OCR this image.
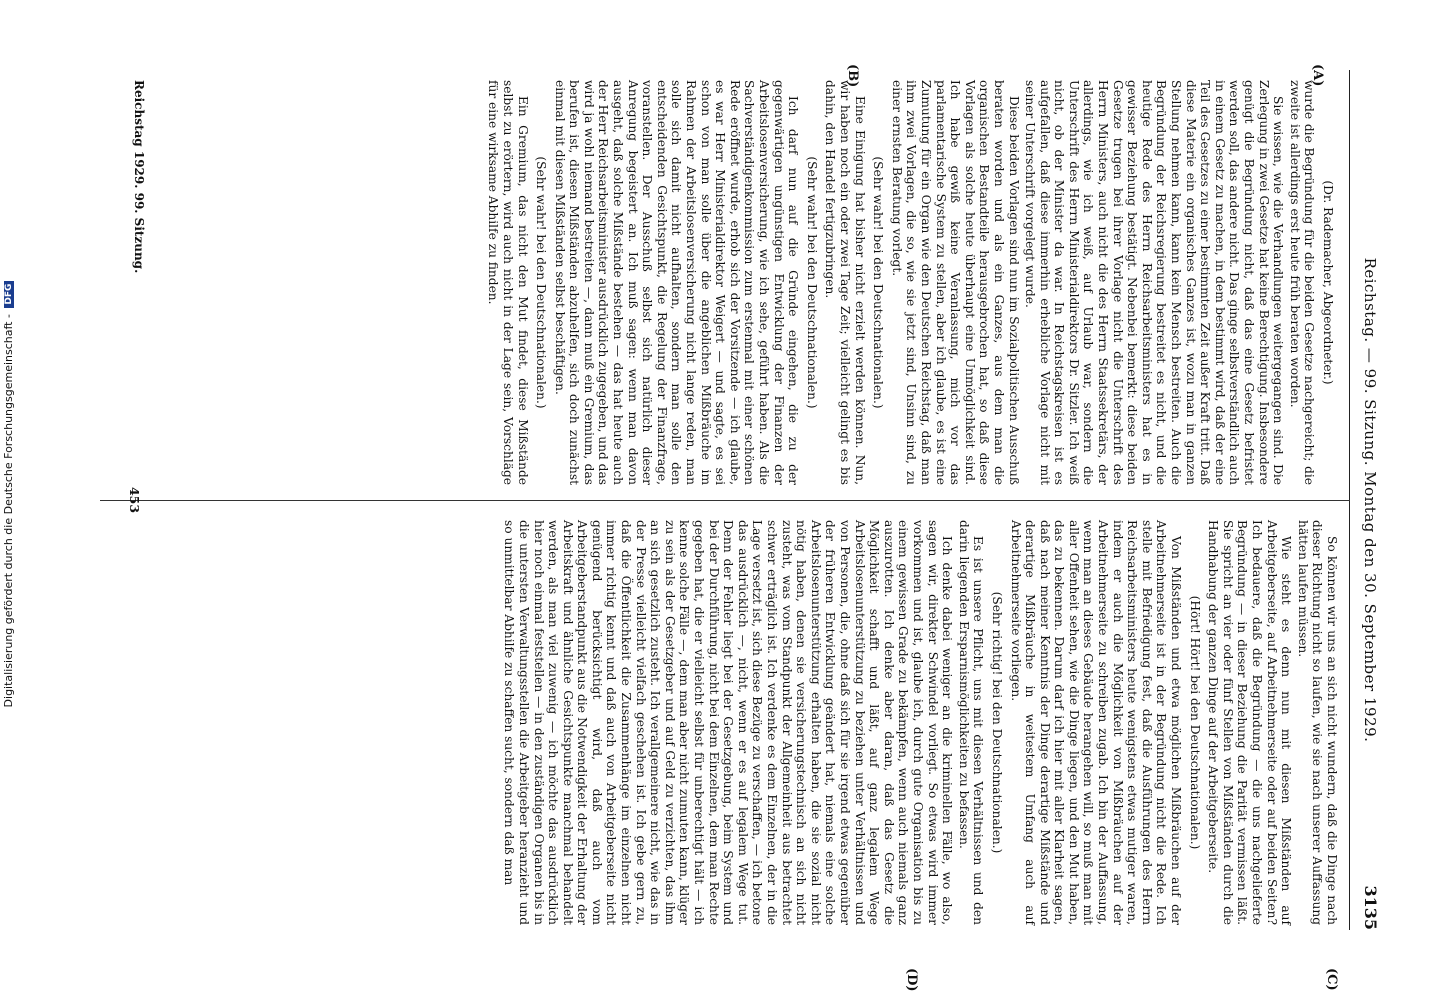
Reichstag. — 99. Sitzung. Montag den 30. September 1929.
3135
(A)
(B)
(C)
(D)

(Dr. Rademacher, Abgeordneter.)

wurde die Begründung für die beiden Gesetze nachgereicht; die zweite ist allerdings erst heute früh beraten worden.

Sie wissen, wie die Verhandlungen weitergegangen sind. Die Zerlegung in zwei Gesetze hat keine Berechtigung. Insbesondere genügt die Begründung nicht, daß das eine Gesetz befristet werden soll, das andere nicht. Das ginge selbstverständlich auch in einem Gesetz zu machen, in dem bestimmt wird, daß der eine Teil des Gesetzes zu einer bestimmten Zeit außer Kraft tritt. Daß diese Materie ein organisches Ganzes ist, wozu man in ganzen Stellung nehmen kann, kann kein Mensch bestreiten. Auch die Begründung der Reichsregierung bestreitet es nicht, und die heutige Rede des Herrn Reichsarbeitsministers hat es in gewisser Beziehung bestätigt. Nebenbei bemerkt: diese beiden Gesetze trugen bei ihrer Vorlage nicht die Unterschrift des Herrn Ministers, auch nicht die des Herrn Staatssekretärs, der allerdings, wie ich weiß, auf Urlaub war, sondern die Unterschrift des Herrn Ministerialdirektors Dr. Sitzler. Ich weiß nicht, ob der Minister da war. In Reichstagskreisen ist es aufgefallen, daß diese immerhin erhebliche Vorlage nicht mit seiner Unterschrift vorgelegt wurde.

Diese beiden Vorlagen sind nun im Sozialpolitischen Ausschuß beraten worden und als ein Ganzes, aus dem man die organischen Bestandteile herausgebrochen hat, so daß diese Vorlagen als solche heute überhaupt eine Unmöglichkeit sind. Ich habe gewiß keine Veranlassung, mich vor das parlamentarische System zu stellen, aber ich glaube, es ist eine Zumutung für ein Organ wie den Deutschen Reichstag, daß man ihm zwei Vorlagen, die so, wie sie jetzt sind, Unsinn sind, zu einer ernsten Beratung vorlegt.

(Sehr wahr! bei den Deutschnationalen.)

Eine Einigung hat bisher nicht erzielt werden können. Nun, wir haben noch ein oder zwei Tage Zeit; vielleicht gelingt es bis dahin, den Handel fertigzubringen.

(Sehr wahr! bei den Deutschnationalen.)

Ich darf nun auf die Gründe eingehen, die zu der gegenwärtigen ungünstigen Entwicklung der Finanzen der Arbeitslosenversicherung, wie ich sehe, geführt haben. Als die Sachverständigenkommission zum erstenmal mit einer schönen Rede eröffnet wurde, erhob sich der Vorsitzende — ich glaube, es war Herr Ministerialdirektor Weigert — und sagte, es sei schon von man solle über die angeblichen Mißbräuche im Rahmen der Arbeitslosenversicherung nicht lange reden, man solle sich damit nicht aufhalten, sondern man solle den entscheidenden Gesichtspunkt, die Regelung der Finanzfrage, voranstellen. Der Ausschuß selbst sich natürlich dieser Anregung begeistert an. Ich muß sagen: wenn man davon ausgeht, daß solche Mißstände bestehen — das hat heute auch der Herr Reichsarbeitsminister ausdrücklich zugegeben, und das wird ja wohl niemand bestreiten —, dann muß ein Gremium, das berufen ist, diesen Mißständen abzuhelfen, sich doch zunächst einmal mit diesen Mißständen selbst beschäftigen.

(Sehr wahr! bei den Deutschnationalen.)

Ein Gremium, das nicht den Mut findet, diese Mißstände selbst zu erörtern, wird auch nicht in der Lage sein, Vorschläge für eine wirksame Abhilfe zu finden.

So können wir uns an sich nicht wundern, daß die Dinge nach dieser Richtung nicht so laufen, wie sie nach unserer Auffassung hätten laufen müssen.

Wie steht es denn nun mit diesen Mißständen auf Arbeitgeberseite, auf Arbeitnehmerseite oder auf beiden Seiten? Ich bedauere, daß die Begründung — die uns nachgelieferte Begründung — in dieser Beziehung die Parität vermissen läßt. Sie spricht an vier oder fünf Stellen von Mißständen durch die Handhabung der ganzen Dinge auf der Arbeitgeberseite.

(Hört! Hört! bei den Deutschnationalen.)

Von Mißständen und etwa möglichen Mißbräuchen auf der Arbeitnehmerseite ist in der Begründung nicht die Rede. Ich stelle mit Befriedigung fest, daß die Ausführungen des Herrn Reichsarbeitsministers heute wenigstens etwas mutiger waren, indem er auch die Möglichkeit von Mißbräuchen auf der Arbeitnehmerseite zu schreiben zugab. Ich bin der Auffassung, wenn man an dieses Gebäude herangehen will, so muß man mit aller Offenheit sehen, wie die Dinge liegen, und den Mut haben, das zu bekennen. Darum darf ich hier mit aller Klarheit sagen, daß nach meiner Kenntnis der Dinge derartige Mißstände und derartige Mißbräuche in weitestem Umfang auch auf Arbeitnehmerseite vorliegen.

(Sehr richtig! bei den Deutschnationalen.)

Es ist unsere Pflicht, uns mit diesen Verhältnissen und den darin liegenden Ersparnismöglichkeiten zu befassen.

Ich denke dabei weniger an die kriminellen Fälle, wo also, sagen wir, direkter Schwindel vorliegt. So etwas wird immer vorkommen und ist, glaube ich, durch gute Organisation bis zu einem gewissen Grade zu bekämpfen, wenn auch niemals ganz auszurotten. Ich denke aber daran, daß das Gesetz die Möglichkeit schafft und läßt, auf ganz legalem Wege Arbeitslosenunterstützung zu beziehen unter Verhältnissen und von Personen, die, ohne daß sich für sie irgend etwas gegenüber der früheren Entwicklung geändert hat, niemals eine solche Arbeitslosenunterstützung erhalten haben, die sie sozial nicht nötig haben, denen sie versicherungstechnisch an sich nicht zusteht, was vom Standpunkt der Allgemeinheit aus betrachtet schwer erträglich ist. Ich verdenke es dem Einzelnen, der in die Lage versetzt ist, sich diese Bezüge zu verschaffen, — ich betone das ausdrücklich —, nicht, wenn er es auf legalem Wege tut. Denn der Fehler liegt bei der Gesetzgebung, beim System und bei der Durchführung, nicht bei dem Einzelnen, dem man Rechte gegeben hat, die er vielleicht selbst für unberechtigt hält — ich kenne solche Fälle —, dem man aber nicht zumuten kann, klüger zu sein als der Gesetzgeber und auf Geld zu verzichten, das ihm an sich gesetzlich zusteht. Ich verallgemeinere nicht, wie das in der Presse vielleicht vielfach geschehen ist. Ich gebe gern zu, daß die Öffentlichkeit die Zusammenhänge im einzelnen nicht immer richtig kennt und daß auch von Arbeitgeberseite nicht genügend berücksichtigt wird, daß auch vom Arbeitgeberstandpunkt aus die Notwendigkeit der Erhaltung der Arbeitskraft und ähnliche Gesichtspunkte manchmal behandelt werden, als man viel zuwenig — ich möchte das ausdrücklich hier noch einmal feststellen — in den zuständigen Organen bis in die untersten Verwaltungsstellen die Arbeitgeber heranzieht und so unmittelbar Abhilfe zu schaffen sucht, sondern daß man

Reichstag 1929. 99. Sitzung.
453
Digitalisierung gefördert durch die Deutsche Forschungsgemeinschaft - DFG
